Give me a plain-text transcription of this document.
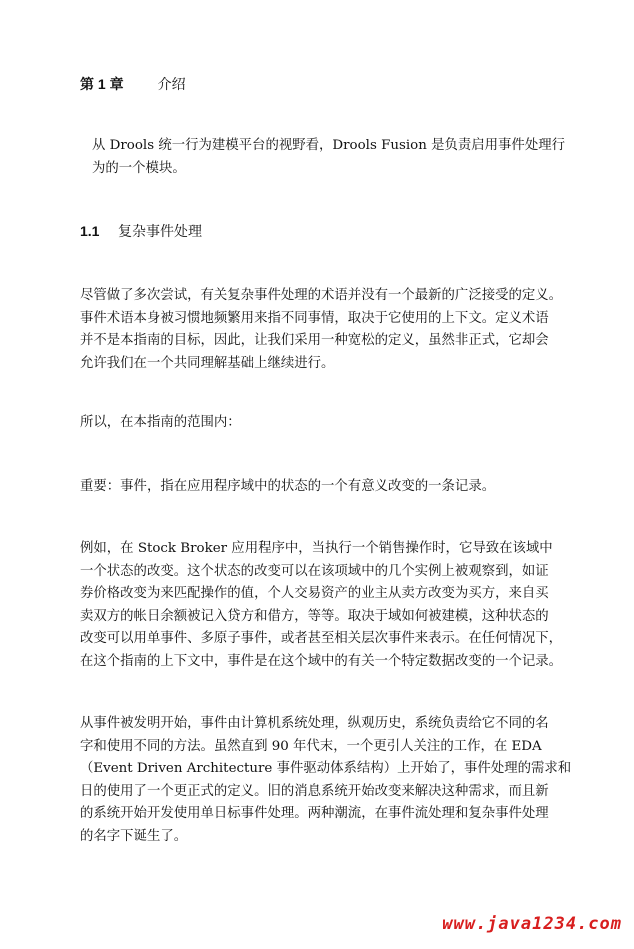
第 1 章 介绍
从 Drools 统一行为建模平台的视野看，Drools Fusion 是负责启用事件处理行
为的一个模块。
1.1 复杂事件处理
尽管做了多次尝试，有关复杂事件处理的术语并没有一个最新的广泛接受的定义。
事件术语本身被习惯地频繁用来指不同事情，取决于它使用的上下文。定义术语
并不是本指南的目标，因此，让我们采用一种宽松的定义，虽然非正式，它却会
允许我们在一个共同理解基础上继续进行。
所以，在本指南的范围内：
重要：事件，指在应用程序域中的状态的一个有意义改变的一条记录。
例如，在 Stock Broker 应用程序中，当执行一个销售操作时，它导致在该域中
一个状态的改变。这个状态的改变可以在该项域中的几个实例上被观察到，如证
券价格改变为来匹配操作的值，个人交易资产的业主从卖方改变为买方，来自买
卖双方的帐日余额被记入贷方和借方，等等。取决于域如何被建模，这种状态的
改变可以用单事件、多原子事件，或者甚至相关层次事件来表示。在任何情况下，
在这个指南的上下文中，事件是在这个域中的有关一个特定数据改变的一个记录。
从事件被发明开始，事件由计算机系统处理，纵观历史，系统负责给它不同的名
字和使用不同的方法。虽然直到 90 年代末，一个更引人关注的工作，在 EDA
（Event Driven Architecture 事件驱动体系结构）上开始了，事件处理的需求和
日的使用了一个更正式的定义。旧的消息系统开始改变来解决这种需求，而且新
的系统开始开发使用单日标事件处理。两种潮流，在事件流处理和复杂事件处理
的名字下诞生了。
www.java1234.com
